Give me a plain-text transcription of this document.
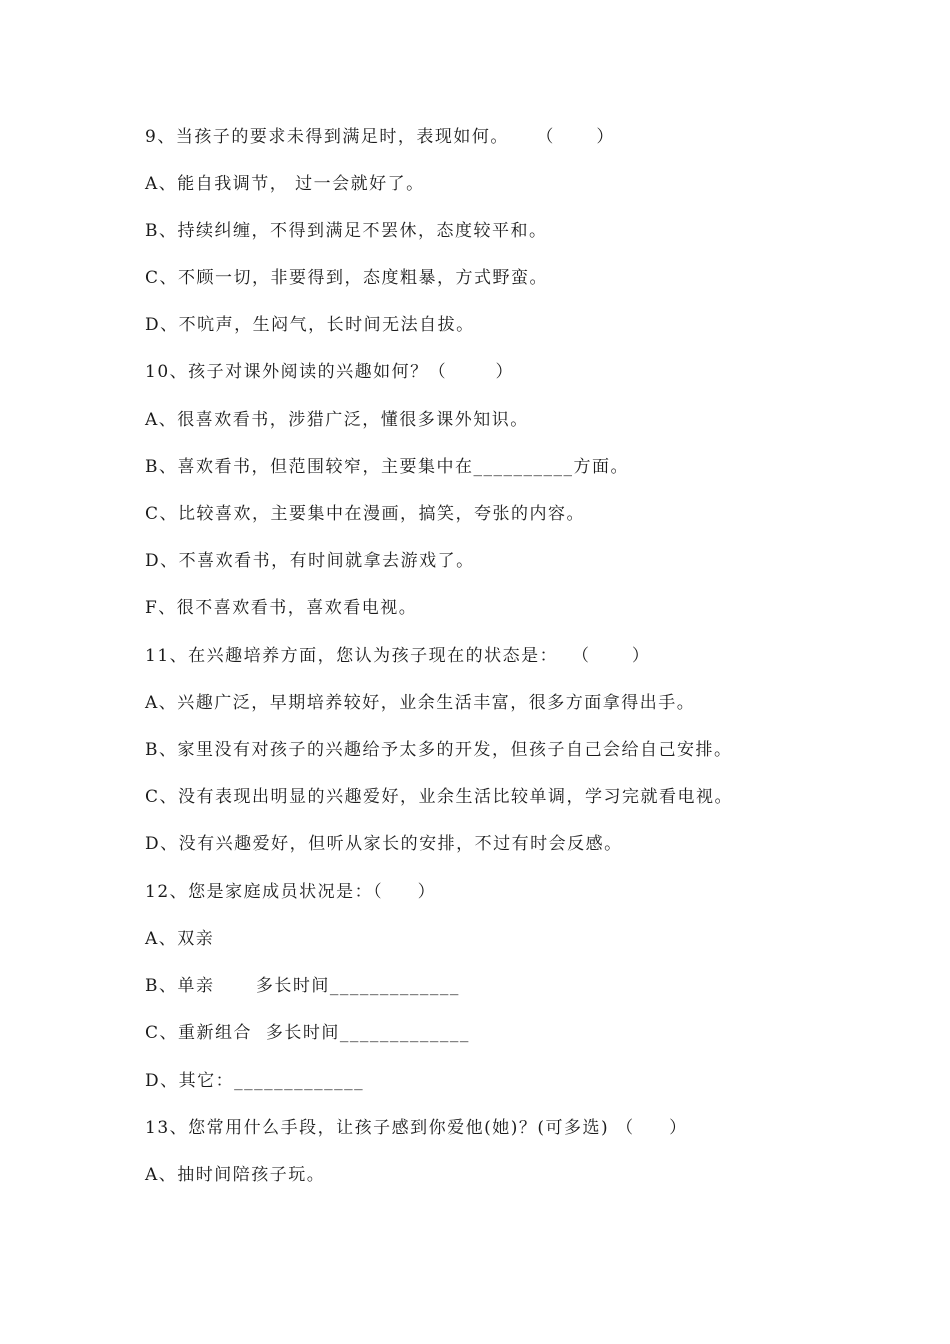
9、当孩子的要求未得到满足时，表现如何。    （      ）
A、能自我调节， 过一会就好了。
B、持续纠缠，不得到满足不罢休，态度较平和。
C、不顾一切，非要得到，态度粗暴，方式野蛮。
D、不吭声，生闷气，长时间无法自拔。
10、孩子对课外阅读的兴趣如何？（       ）
A、很喜欢看书，涉猎广泛，懂很多课外知识。
B、喜欢看书，但范围较窄，主要集中在__________方面。
C、比较喜欢，主要集中在漫画，搞笑，夸张的内容。
D、不喜欢看书，有时间就拿去游戏了。
F、很不喜欢看书，喜欢看电视。
11、在兴趣培养方面，您认为孩子现在的状态是：  （      ）
A、兴趣广泛，早期培养较好，业余生活丰富，很多方面拿得出手。
B、家里没有对孩子的兴趣给予太多的开发，但孩子自己会给自己安排。
C、没有表现出明显的兴趣爱好，业余生活比较单调，学习完就看电视。
D、没有兴趣爱好，但听从家长的安排，不过有时会反感。
12、您是家庭成员状况是：（     ）
A、双亲
B、单亲      多长时间_____________
C、重新组合  多长时间_____________
D、其它：_____________
13、您常用什么手段，让孩子感到你爱他(她)？(可多选) （     ）
A、抽时间陪孩子玩。
